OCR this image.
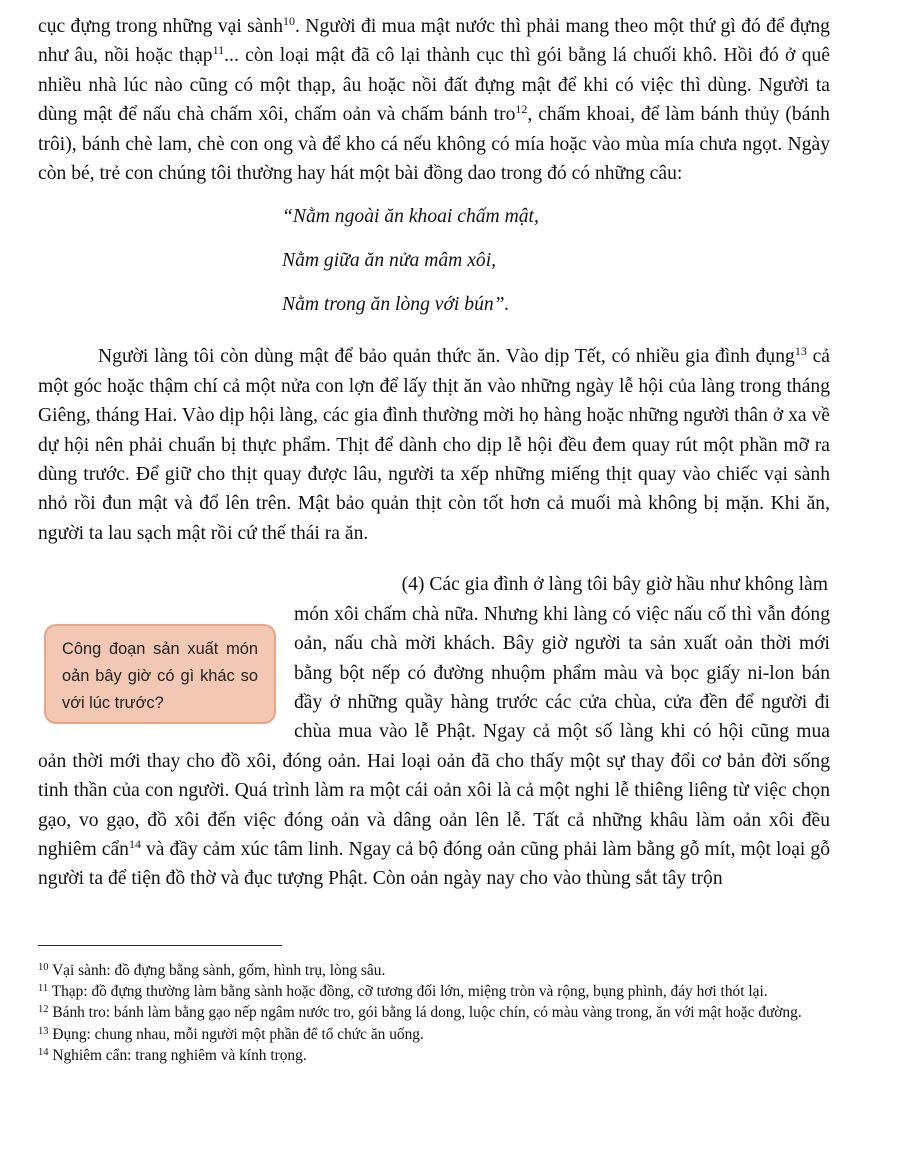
cục đựng trong những vại sành$^{10}$. Người đi mua mật nước thì phải mang theo một thứ gì đó để đựng như âu, nồi hoặc thạp$^{11}$... còn loại mật đã cô lại thành cục thì gói bằng lá chuối khô. Hồi đó ở quê nhiều nhà lúc nào cũng có một thạp, âu hoặc nồi đất đựng mật để khi có việc thì dùng. Người ta dùng mật để nấu chà chấm xôi, chấm oản và chấm bánh tro$^{12}$, chấm khoai, để làm bánh thủy (bánh trôi), bánh chè lam, chè con ong và để kho cá nếu không có mía hoặc vào mùa mía chưa ngọt. Ngày còn bé, trẻ con chúng tôi thường hay hát một bài đồng dao trong đó có những câu:

“Nằm ngoài ăn khoai chấm mật,
Nằm giữa ăn nửa mâm xôi,
Nằm trong ăn lòng với bún”.

Người làng tôi còn dùng mật để bảo quản thức ăn. Vào dịp Tết, có nhiều gia đình đụng$^{13}$ cả một góc hoặc thậm chí cả một nửa con lợn để lấy thịt ăn vào những ngày lễ hội của làng trong tháng Giêng, tháng Hai. Vào dịp hội làng, các gia đình thường mời họ hàng hoặc những người thân ở xa về dự hội nên phải chuẩn bị thực phẩm. Thịt để dành cho dịp lễ hội đều đem quay rút một phần mỡ ra dùng trước. Để giữ cho thịt quay được lâu, người ta xếp những miếng thịt quay vào chiếc vại sành nhỏ rồi đun mật và đổ lên trên. Mật bảo quản thịt còn tốt hơn cả muối mà không bị mặn. Khi ăn, người ta lau sạch mật rồi cứ thế thái ra ăn.

(4) Các gia đình ở làng tôi bây giờ hầu như không làm
Công đoạn sản xuất món oản bây giờ có gì khác so với lúc trước?
món xôi chấm chà nữa. Nhưng khi làng có việc nấu cố thì vẫn đóng oản, nấu chà mời khách. Bây giờ người ta sản xuất oản thời mới bằng bột nếp có đường nhuộm phẩm màu và bọc giấy ni-lon bán đầy ở những quầy hàng trước các cửa chùa, cửa đền để người đi chùa mua vào lễ Phật. Ngay cả một số làng khi có hội cũng mua oản thời mới thay cho đồ xôi, đóng oản. Hai loại oản đã cho thấy một sự thay đổi cơ bản đời sống tinh thần của con người. Quá trình làm ra một cái oản xôi là cả một nghi lễ thiêng liêng từ việc chọn gạo, vo gạo, đồ xôi đến việc đóng oản và dâng oản lên lễ. Tất cả những khâu làm oản xôi đều nghiêm cẩn$^{14}$ và đầy cảm xúc tâm linh. Ngay cả bộ đóng oản cũng phải làm bằng gỗ mít, một loại gỗ người ta để tiện đồ thờ và đục tượng Phật. Còn oản ngày nay cho vào thùng sắt tây trộn
$^{10}$ Vại sành: đồ đựng bằng sành, gốm, hình trụ, lòng sâu.
$^{11}$ Thạp: đồ đựng thường làm bằng sành hoặc đồng, cỡ tương đối lớn, miệng tròn và rộng, bụng phình, đáy hơi thót lại.
$^{12}$ Bánh tro: bánh làm bằng gạo nếp ngâm nước tro, gói bằng lá dong, luộc chín, có màu vàng trong, ăn với mật hoặc đường.
$^{13}$ Đụng: chung nhau, mỗi người một phần để tổ chức ăn uống.
$^{14}$ Nghiêm cẩn: trang nghiêm và kính trọng.
